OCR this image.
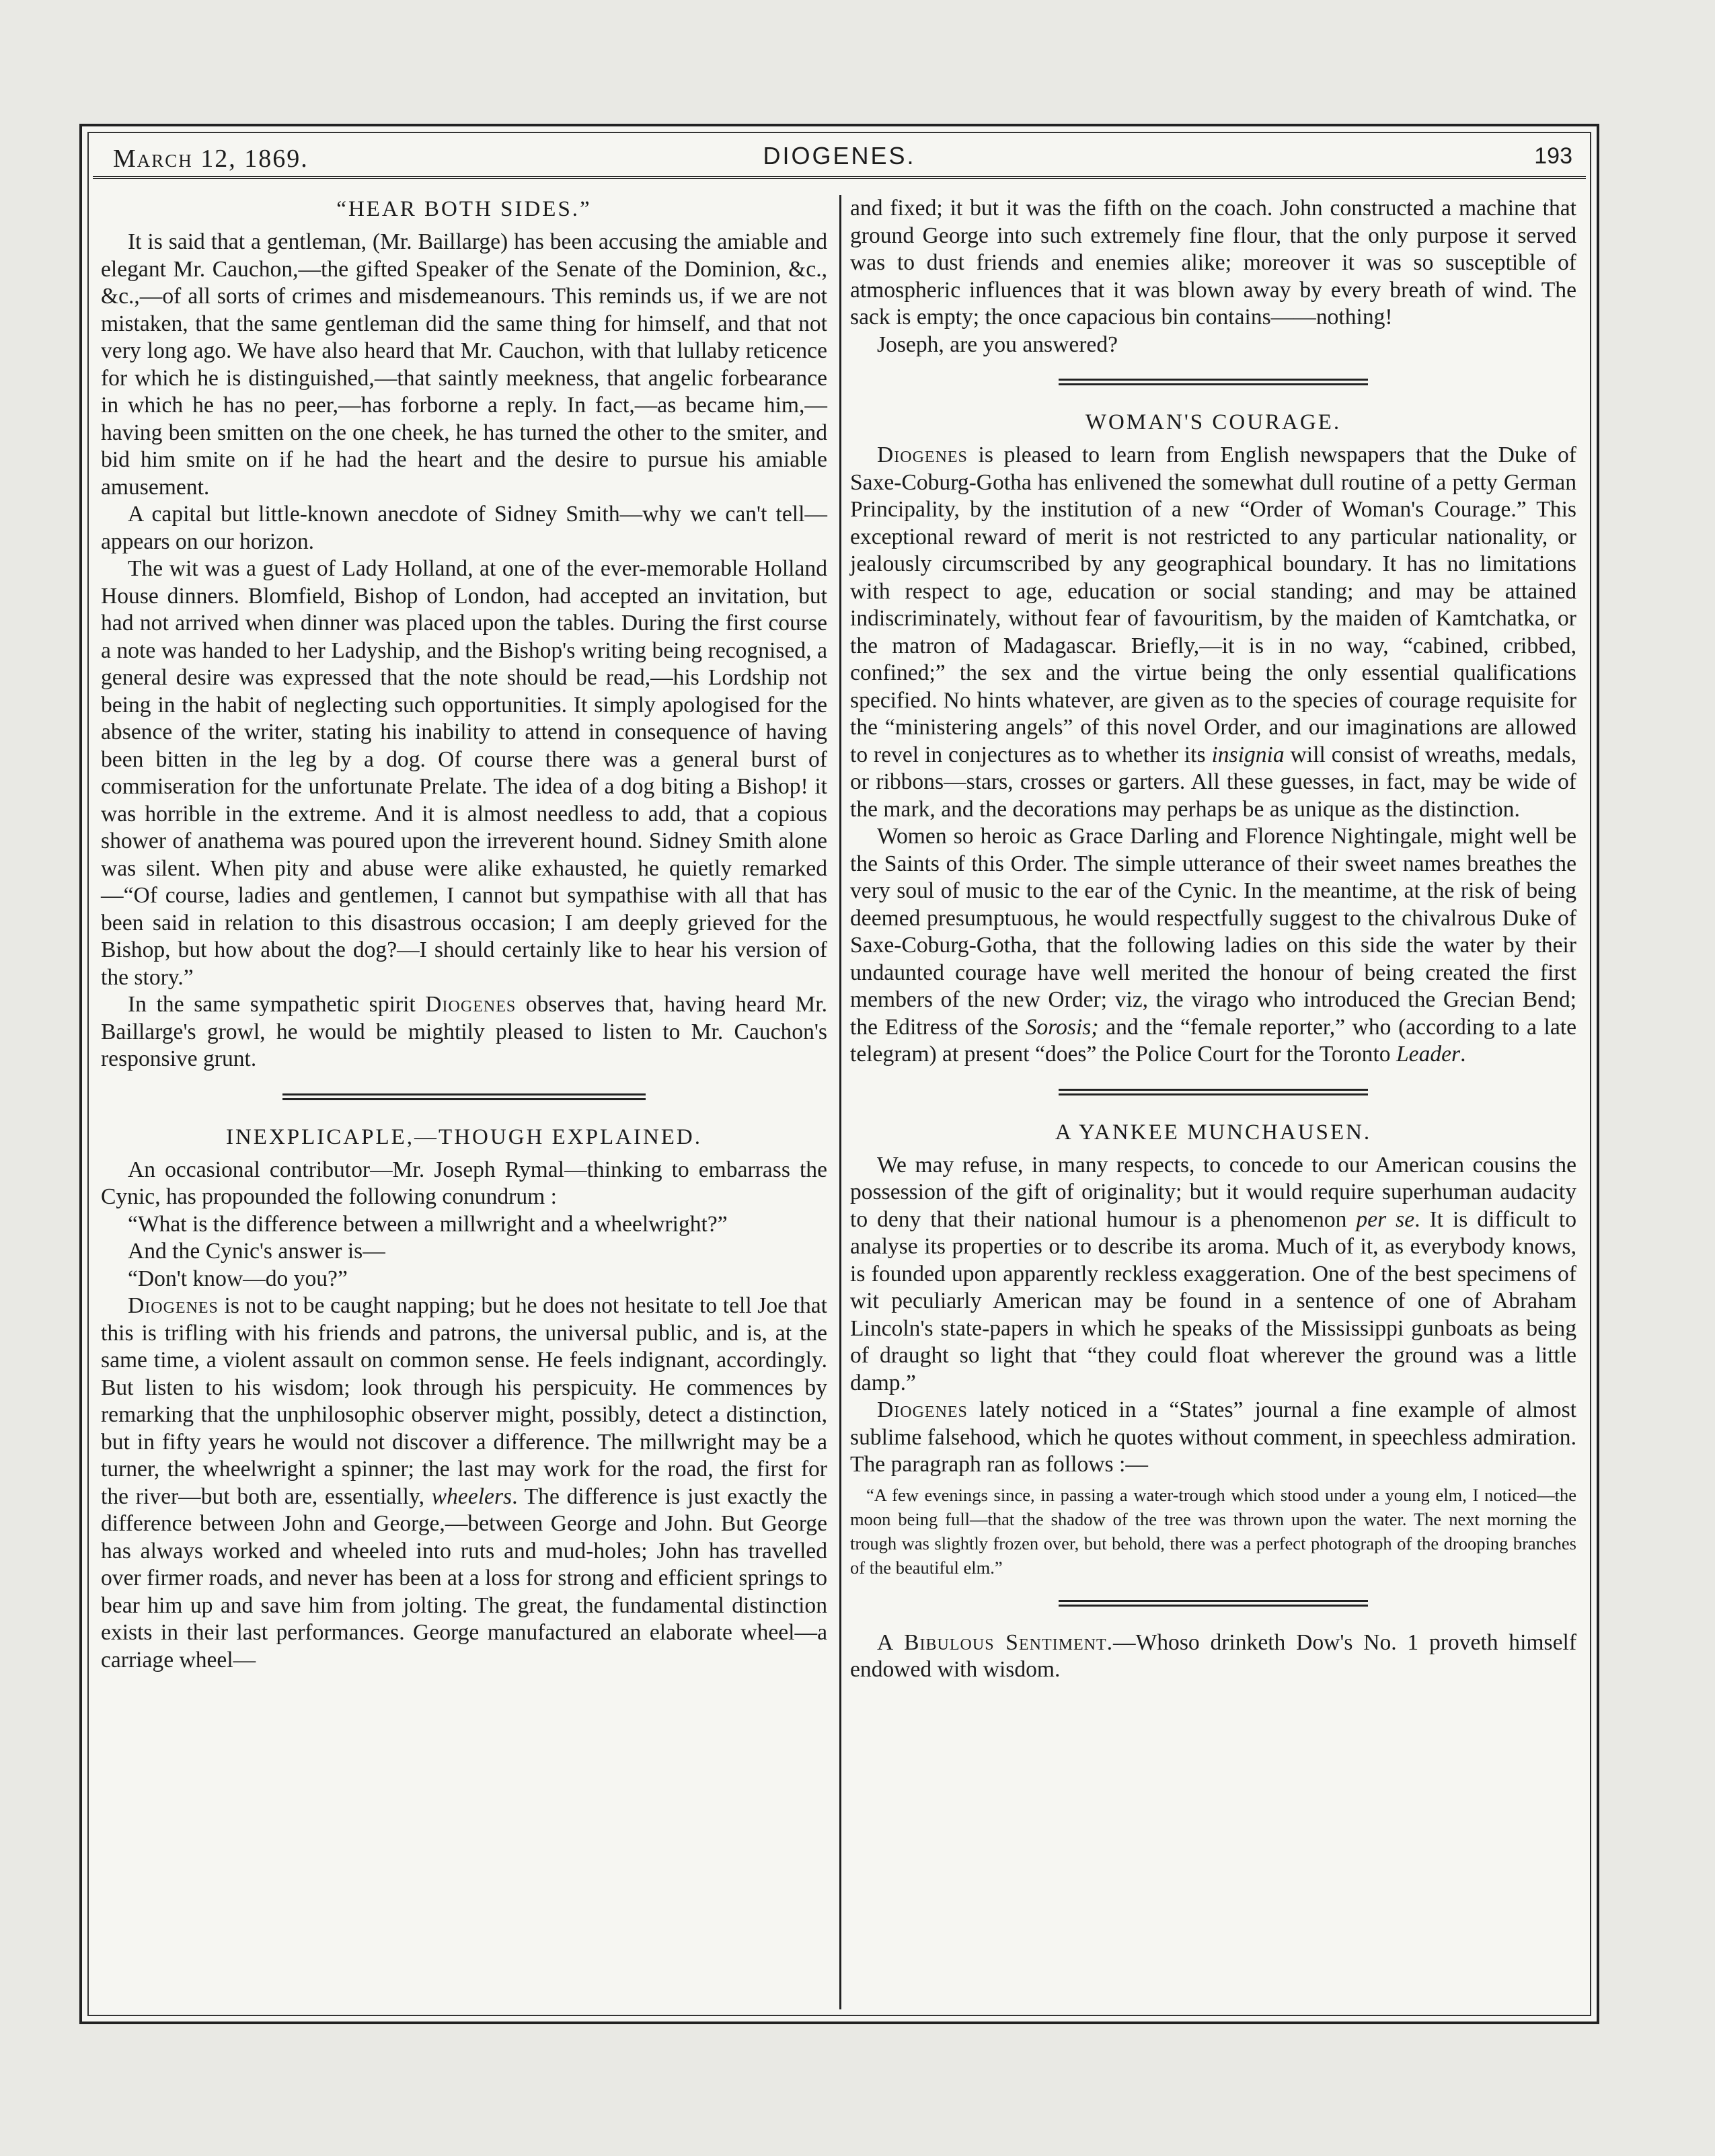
March 12, 1869.	DIOGENES.	193
“HEAR BOTH SIDES.”

It is said that a gentleman, (Mr. Baillarge) has been accusing the amiable and elegant Mr. Cauchon,—the gifted Speaker of the Senate of the Dominion, &c., &c.,—of all sorts of crimes and misdemeanours. This reminds us, if we are not mistaken, that the same gentleman did the same thing for himself, and that not very long ago. We have also heard that Mr. Cauchon, with that lullaby reticence for which he is distinguished,—that saintly meekness, that angelic forbearance in which he has no peer,—has forborne a reply. In fact,—as became him,—having been smitten on the one cheek, he has turned the other to the smiter, and bid him smite on if he had the heart and the desire to pursue his amiable amusement.

A capital but little-known anecdote of Sidney Smith—why we can't tell—appears on our horizon.

The wit was a guest of Lady Holland, at one of the ever-memorable Holland House dinners. Blomfield, Bishop of London, had accepted an invitation, but had not arrived when dinner was placed upon the tables. During the first course a note was handed to her Ladyship, and the Bishop's writing being recognised, a general desire was expressed that the note should be read,—his Lordship not being in the habit of neglecting such opportunities. It simply apologised for the absence of the writer, stating his inability to attend in consequence of having been bitten in the leg by a dog. Of course there was a general burst of commiseration for the unfortunate Prelate. The idea of a dog biting a Bishop! it was horrible in the extreme. And it is almost needless to add, that a copious shower of anathema was poured upon the irreverent hound. Sidney Smith alone was silent. When pity and abuse were alike exhausted, he quietly remarked—“Of course, ladies and gentlemen, I cannot but sympathise with all that has been said in relation to this disastrous occasion; I am deeply grieved for the Bishop, but how about the dog?—I should certainly like to hear his version of the story.”

In the same sympathetic spirit Diogenes observes that, having heard Mr. Baillarge's growl, he would be mightily pleased to listen to Mr. Cauchon's responsive grunt.

INEXPLICAPLE,—THOUGH EXPLAINED.

An occasional contributor—Mr. Joseph Rymal—thinking to embarrass the Cynic, has propounded the following conundrum :

“What is the difference between a millwright and a wheelwright?”

And the Cynic's answer is—

“Don't know—do you?”

Diogenes is not to be caught napping; but he does not hesitate to tell Joe that this is trifling with his friends and patrons, the universal public, and is, at the same time, a violent assault on common sense. He feels indignant, accordingly. But listen to his wisdom; look through his perspicuity. He commences by remarking that the unphilosophic observer might, possibly, detect a distinction, but in fifty years he would not discover a difference. The millwright may be a turner, the wheelwright a spinner; the last may work for the road, the first for the river—but both are, essentially, wheelers. The difference is just exactly the difference between John and George,—between George and John. But George has always worked and wheeled into ruts and mud-holes; John has travelled over firmer roads, and never has been at a loss for strong and efficient springs to bear him up and save him from jolting. The great, the fundamental distinction exists in their last performances. George manufactured an elaborate wheel—a carriage wheel—

and fixed; it but it was the fifth on the coach. John constructed a machine that ground George into such extremely fine flour, that the only purpose it served was to dust friends and enemies alike; moreover it was so susceptible of atmospheric influences that it was blown away by every breath of wind. The sack is empty; the once capacious bin contains——nothing!

Joseph, are you answered?

WOMAN'S COURAGE.

Diogenes is pleased to learn from English newspapers that the Duke of Saxe-Coburg-Gotha has enlivened the somewhat dull routine of a petty German Principality, by the institution of a new “Order of Woman's Courage.” This exceptional reward of merit is not restricted to any particular nationality, or jealously circumscribed by any geographical boundary. It has no limitations with respect to age, education or social standing; and may be attained indiscriminately, without fear of favouritism, by the maiden of Kamtchatka, or the matron of Madagascar. Briefly,—it is in no way, “cabined, cribbed, confined;” the sex and the virtue being the only essential qualifications specified. No hints whatever, are given as to the species of courage requisite for the “ministering angels” of this novel Order, and our imaginations are allowed to revel in conjectures as to whether its insignia will consist of wreaths, medals, or ribbons—stars, crosses or garters. All these guesses, in fact, may be wide of the mark, and the decorations may perhaps be as unique as the distinction.

Women so heroic as Grace Darling and Florence Nightingale, might well be the Saints of this Order. The simple utterance of their sweet names breathes the very soul of music to the ear of the Cynic. In the meantime, at the risk of being deemed presumptuous, he would respectfully suggest to the chivalrous Duke of Saxe-Coburg-Gotha, that the following ladies on this side the water by their undaunted courage have well merited the honour of being created the first members of the new Order; viz, the virago who introduced the Grecian Bend; the Editress of the Sorosis; and the “female reporter,” who (according to a late telegram) at present “does” the Police Court for the Toronto Leader.

A YANKEE MUNCHAUSEN.

We may refuse, in many respects, to concede to our American cousins the possession of the gift of originality; but it would require superhuman audacity to deny that their national humour is a phenomenon per se. It is difficult to analyse its properties or to describe its aroma. Much of it, as everybody knows, is founded upon apparently reckless exaggeration. One of the best specimens of wit peculiarly American may be found in a sentence of one of Abraham Lincoln's state-papers in which he speaks of the Mississippi gunboats as being of draught so light that “they could float wherever the ground was a little damp.”

Diogenes lately noticed in a “States” journal a fine example of almost sublime falsehood, which he quotes without comment, in speechless admiration. The paragraph ran as follows :—

“A few evenings since, in passing a water-trough which stood under a young elm, I noticed—the moon being full—that the shadow of the tree was thrown upon the water. The next morning the trough was slightly frozen over, but behold, there was a perfect photograph of the drooping branches of the beautiful elm.”

A Bibulous Sentiment.—Whoso drinketh Dow's No. 1 proveth himself endowed with wisdom.
